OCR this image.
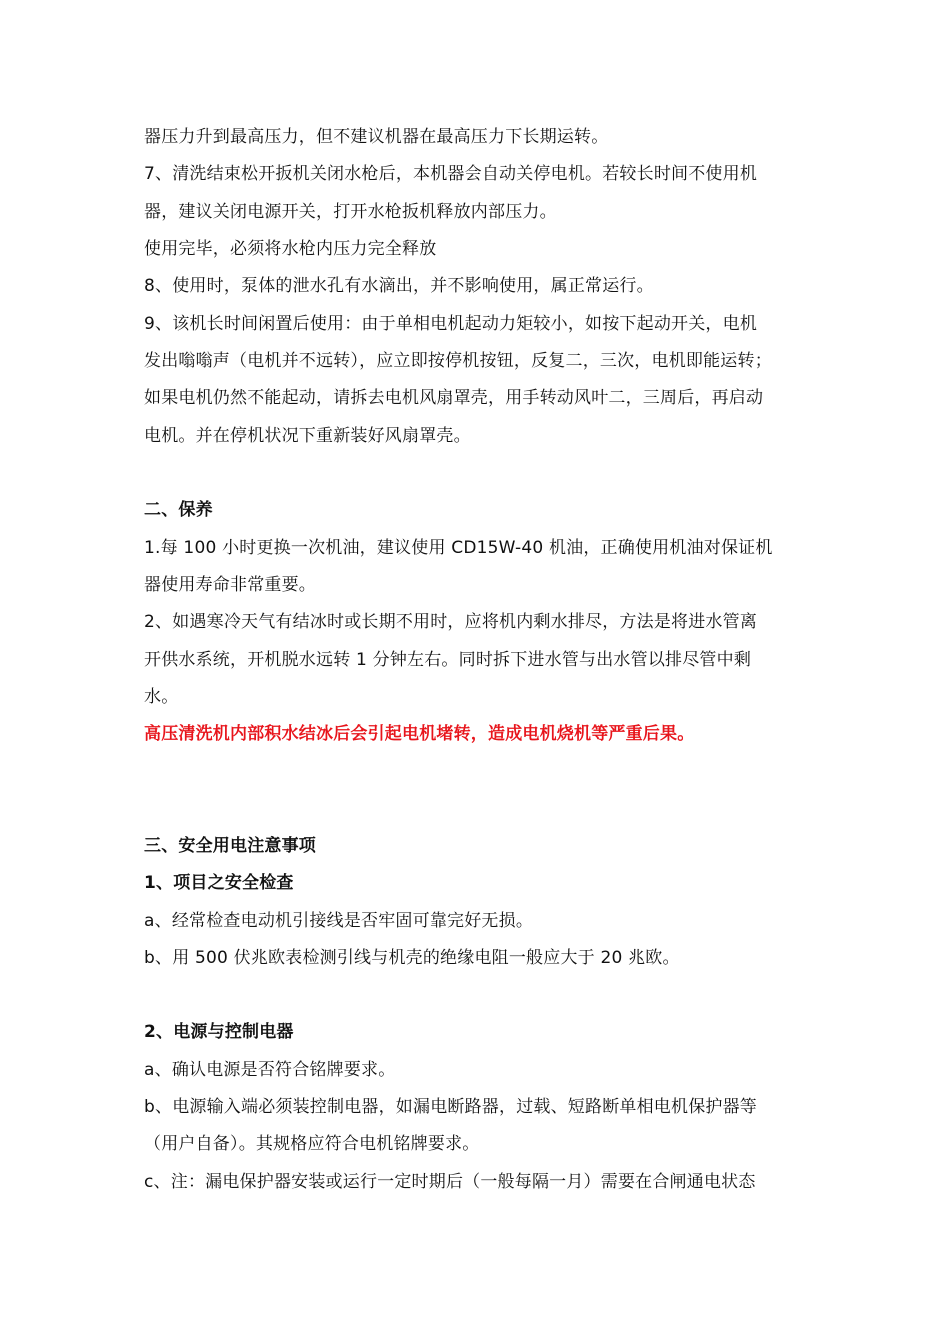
器压力升到最高压力，但不建议机器在最高压力下长期运转。
7、清洗结束松开扳机关闭水枪后，本机器会自动关停电机。若较长时间不使用机
器，建议关闭电源开关，打开水枪扳机释放内部压力。
使用完毕，必须将水枪内压力完全释放
8、使用时，泵体的泄水孔有水滴出，并不影响使用，属正常运行。
9、该机长时间闲置后使用：由于单相电机起动力矩较小，如按下起动开关，电机
发出嗡嗡声（电机并不远转），应立即按停机按钮，反复二，三次，电机即能运转；
如果电机仍然不能起动，请拆去电机风扇罩壳，用手转动风叶二，三周后，再启动
电机。并在停机状况下重新装好风扇罩壳。
二、保养
1.每 100 小时更换一次机油，建议使用 CD15W-40 机油，正确使用机油对保证机
器使用寿命非常重要。
2、如遇寒冷天气有结冰时或长期不用时，应将机内剩水排尽，方法是将进水管离
开供水系统，开机脱水远转 1 分钟左右。同时拆下进水管与出水管以排尽管中剩
水。
高压清洗机内部积水结冰后会引起电机堵转，造成电机烧机等严重后果。
三、安全用电注意事项
1、项目之安全检查
a、经常检查电动机引接线是否牢固可靠完好无损。
b、用 500 伏兆欧表检测引线与机壳的绝缘电阻一般应大于 20 兆欧。
2、电源与控制电器
a、确认电源是否符合铭牌要求。
b、电源输入端必须装控制电器，如漏电断路器，过载、短路断单相电机保护器等
（用户自备）。其规格应符合电机铭牌要求。
c、注：漏电保护器安装或运行一定时期后（一般每隔一月）需要在合闸通电状态
